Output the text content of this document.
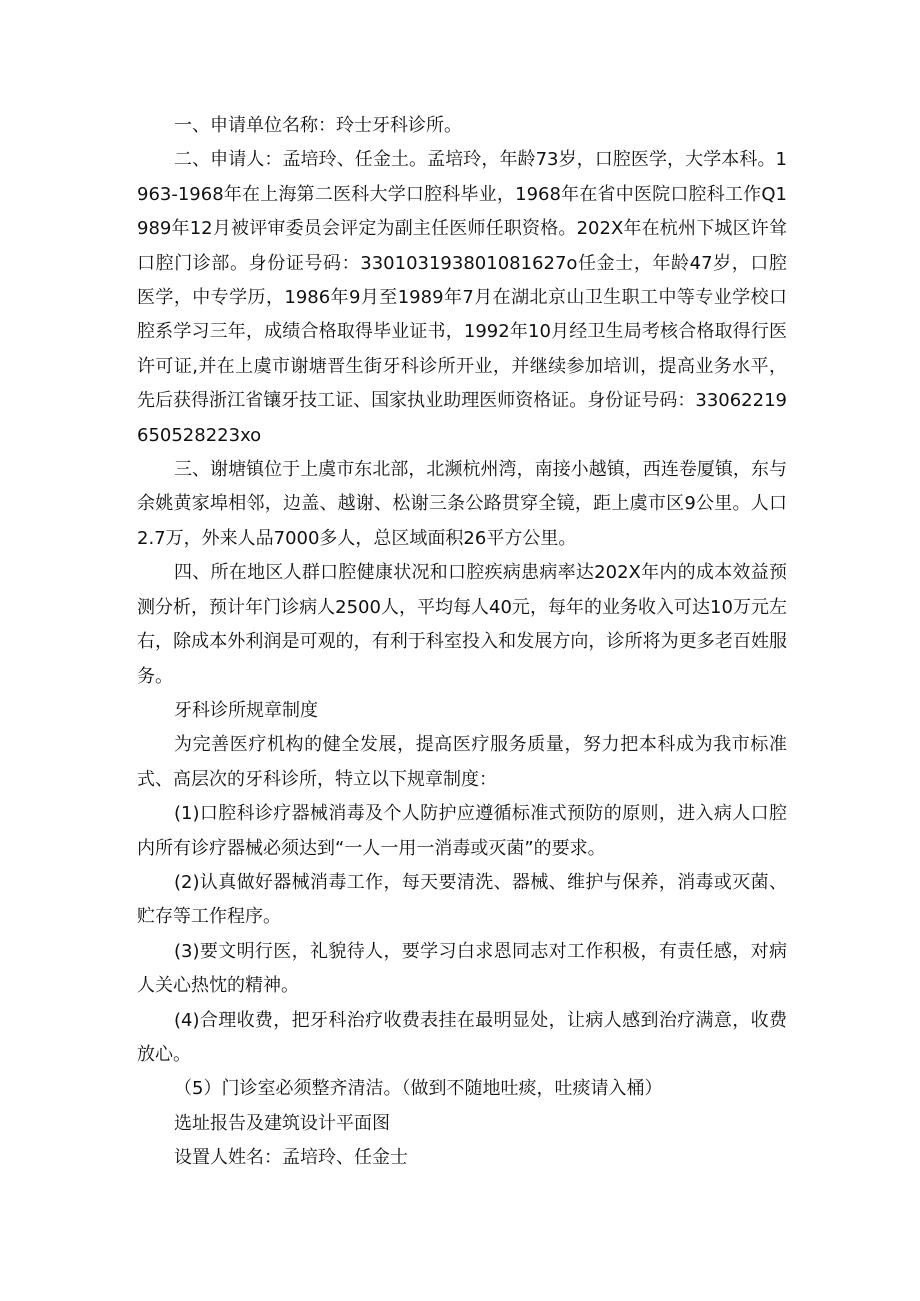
一、申请单位名称：玲士牙科诊所。

二、申请人：孟培玲、任金土。孟培玲，年龄73岁，口腔医学，大学本科。1963-1968年在上海第二医科大学口腔科毕业，1968年在省中医院口腔科工作Q1989年12月被评审委员会评定为副主任医师任职资格。202X年在杭州下城区许耸口腔门诊部。身份证号码：330103193801081627o任金士，年龄47岁，口腔医学，中专学历，1986年9月至1989年7月在湖北京山卫生职工中等专业学校口腔系学习三年，成绩合格取得毕业证书，1992年10月经卫生局考核合格取得行医许可证,并在上虞市谢塘晋生街牙科诊所开业，并继续参加培训，提高业务水平，先后获得浙江省镶牙技工证、国家执业助理医师资格证。身份证号码：33062219650528223xo

三、谢塘镇位于上虞市东北部，北濒杭州湾，南接小越镇，西连卷厦镇，东与余姚黄家埠相邻，边盖、越谢、松谢三条公路贯穿全镜，距上虞市区9公里。人口2.7万，外来人品7000多人，总区域面积26平方公里。

四、所在地区人群口腔健康状况和口腔疾病患病率达202X年内的成本效益预测分析，预计年门诊病人2500人，平均每人40元，每年的业务收入可达10万元左右，除成本外利润是可观的，有利于科室投入和发展方向，诊所将为更多老百姓服务。

牙科诊所规章制度

为完善医疗机构的健全发展，提高医疗服务质量，努力把本科成为我市标准式、高层次的牙科诊所，特立以下规章制度：

(1)口腔科诊疗器械消毒及个人防护应遵循标准式预防的原则，进入病人口腔内所有诊疗器械必须达到“一人一用一消毒或灭菌”的要求。

(2)认真做好器械消毒工作，每天要清洗、器械、维护与保养，消毒或灭菌、贮存等工作程序。

(3)要文明行医，礼貌待人，要学习白求恩同志对工作积极，有责任感，对病人关心热忱的精神。

(4)合理收费，把牙科治疗收费表挂在最明显处，让病人感到治疗满意，收费放心。

（5）门诊室必须整齐清洁。（做到不随地吐痰，吐痰请入桶）

选址报告及建筑设计平面图

设置人姓名：孟培玲、任金士
